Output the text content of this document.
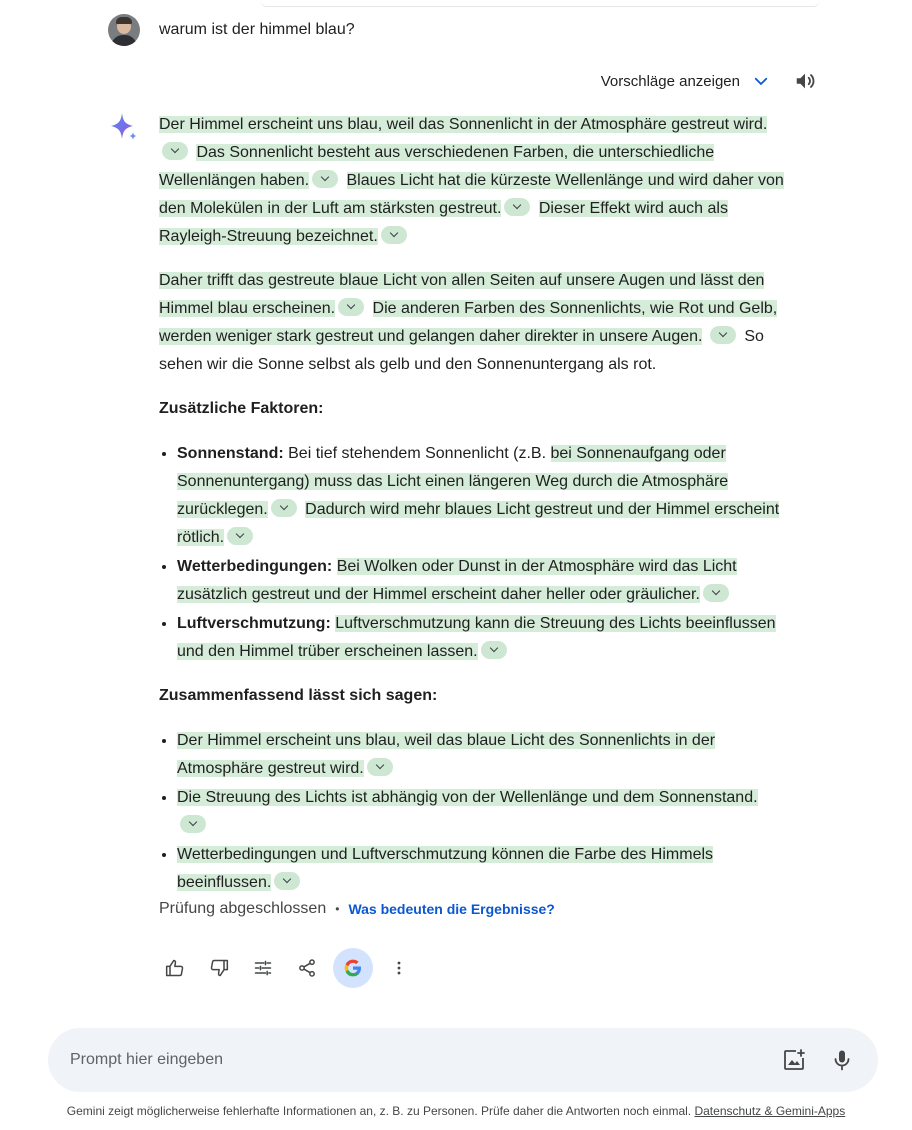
warum ist der himmel blau?
Vorschläge anzeigen

Der Himmel erscheint uns blau, weil das Sonnenlicht in der Atmosphäre gestreut wird. Das Sonnenlicht besteht aus verschiedenen Farben, die unterschiedliche Wellenlängen haben. Blaues Licht hat die kürzeste Wellenlänge und wird daher von den Molekülen in der Luft am stärksten gestreut. Dieser Effekt wird auch als Rayleigh-Streuung bezeichnet.

Daher trifft das gestreute blaue Licht von allen Seiten auf unsere Augen und lässt den Himmel blau erscheinen. Die anderen Farben des Sonnenlichts, wie Rot und Gelb, werden weniger stark gestreut und gelangen daher direkter in unsere Augen.	So sehen wir die Sonne selbst als gelb und den Sonnenuntergang als rot.

Zusätzliche Faktoren:
• Sonnenstand: Bei tief stehendem Sonnenlicht (z.B. bei Sonnenaufgang oder Sonnenuntergang) muss das Licht einen längeren Weg durch die Atmosphäre zurücklegen. Dadurch wird mehr blaues Licht gestreut und der Himmel erscheint rötlich.
• Wetterbedingungen: Bei Wolken oder Dunst in der Atmosphäre wird das Licht zusätzlich gestreut und der Himmel erscheint daher heller oder gräulicher.
• Luftverschmutzung: Luftverschmutzung kann die Streuung des Lichts beeinflussen und den Himmel trüber erscheinen lassen.
Zusammenfassend lässt sich sagen:
• Der Himmel erscheint uns blau, weil das blaue Licht des Sonnenlichts in der Atmosphäre gestreut wird.
• Die Streuung des Lichts ist abhängig von der Wellenlänge und dem Sonnenstand.
• Wetterbedingungen und Luftverschmutzung können die Farbe des Himmels beeinflussen.
Prüfung abgeschlossen • Was bedeuten die Ergebnisse?
Prompt hier eingeben
Gemini zeigt möglicherweise fehlerhafte Informationen an, z. B. zu Personen. Prüfe daher die Antworten noch einmal. Datenschutz & Gemini-Apps
